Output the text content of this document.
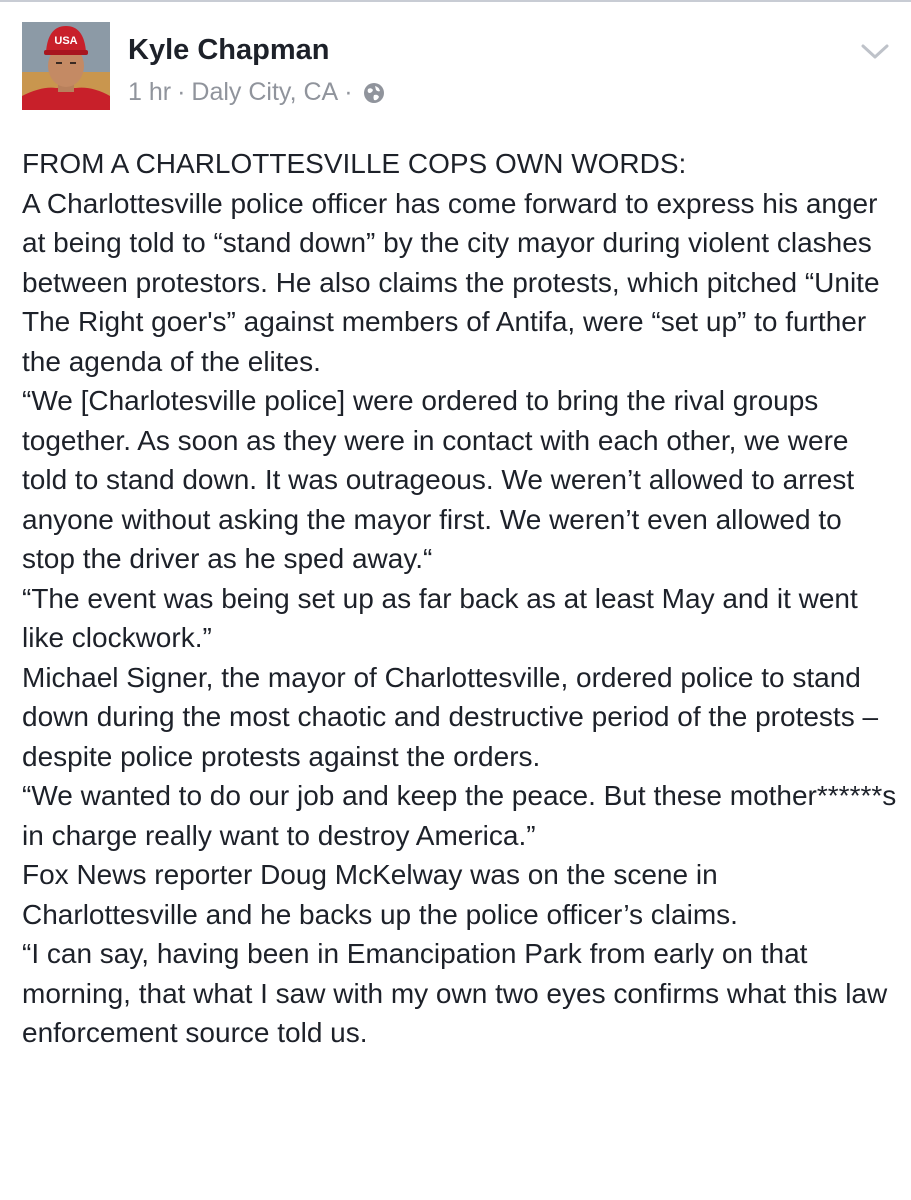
USA Kyle Chapman
1 hr · Daly City, CA ·

FROM A CHARLOTTESVILLE COPS OWN WORDS:

A Charlottesville police officer has come forward to express his anger at being told to “stand down” by the city mayor during violent clashes between protestors. He also claims the protests, which pitched “Unite The Right goer's” against members of Antifa, were “set up” to further the agenda of the elites.

“We [Charlotesville police] were ordered to bring the rival groups together. As soon as they were in contact with each other, we were told to stand down. It was outrageous. We weren’t allowed to arrest anyone without asking the mayor first. We weren’t even allowed to stop the driver as he sped away.“

“The event was being set up as far back as at least May and it went like clockwork.”

Michael Signer, the mayor of Charlottesville, ordered police to stand down during the most chaotic and destructive period of the protests – despite police protests against the orders.

“We wanted to do our job and keep the peace. But these mother******s in charge really want to destroy America.”

Fox News reporter Doug McKelway was on the scene in Charlottesville and he backs up the police officer’s claims.

“I can say, having been in Emancipation Park from early on that morning, that what I saw with my own two eyes confirms what this law enforcement source told us.
